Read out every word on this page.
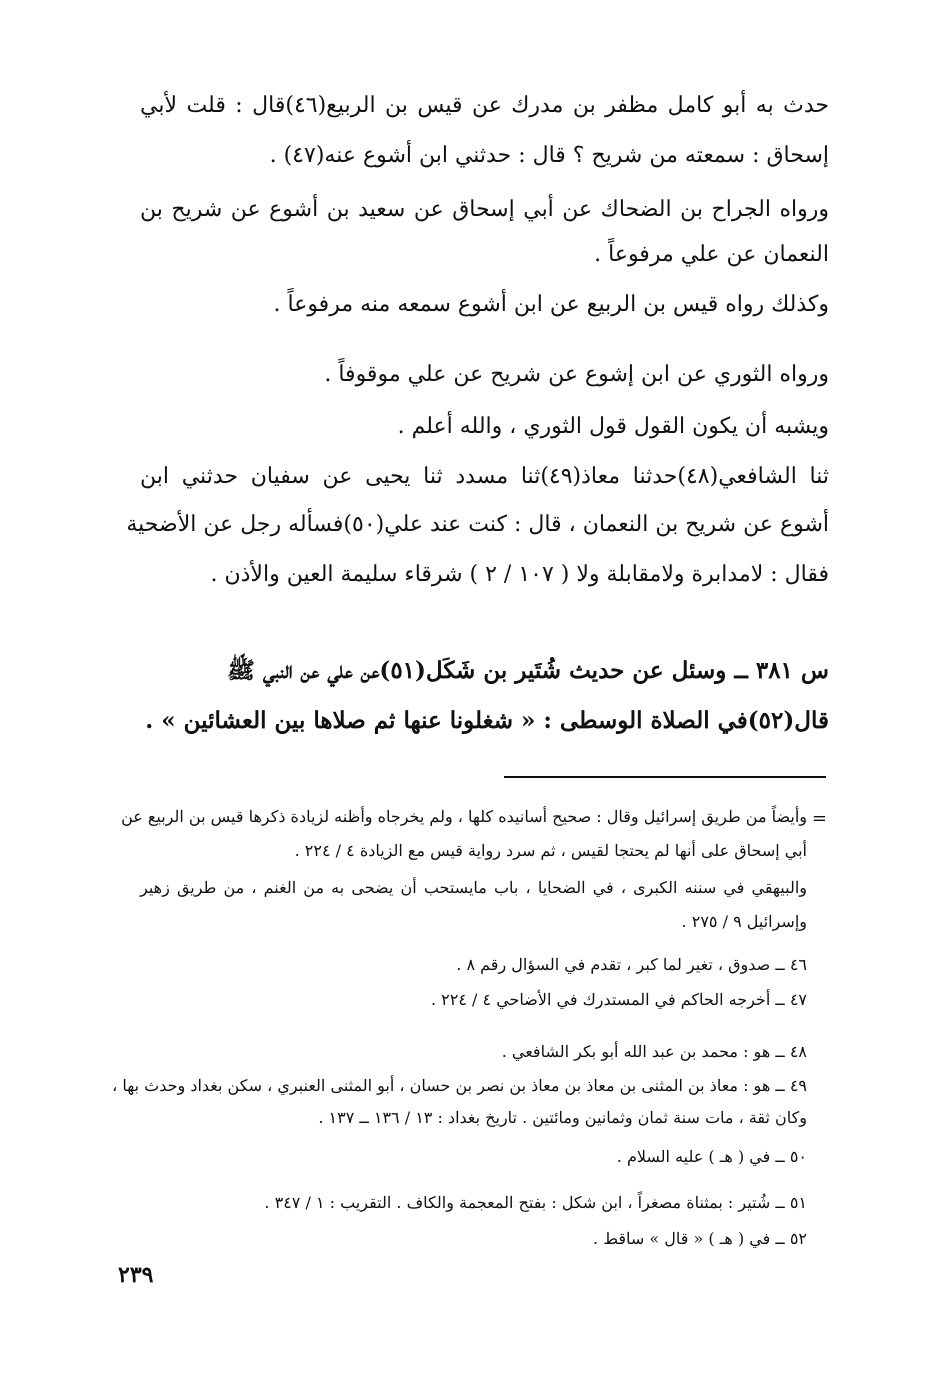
حدث به أبو كامل مظفر بن مدرك عن قيس بن الربيع(٤٦)قال : قلت لأبي
إسحاق : سمعته من شريح ؟ قال : حدثني ابن أشوع عنه(٤٧) .
ورواه الجراح بن الضحاك عن أبي إسحاق عن سعيد بن أشوع عن شريح بن
النعمان عن علي مرفوعاً .
وكذلك رواه قيس بن الربيع عن ابن أشوع سمعه منه مرفوعاً .
ورواه الثوري عن ابن إشوع عن شريح عن علي موقوفاً .
ويشبه أن يكون القول قول الثوري ، والله أعلم .
ثنا الشافعي(٤٨)حدثنا معاذ(٤٩)ثنا مسدد ثنا يحيى عن سفيان حدثني ابن
أشوع عن شريح بن النعمان ، قال : كنت عند علي(٥٠)فسأله رجل عن الأضحية
فقال : لامدابرة ولامقابلة ولا ( ١٠٧ / ٢ ) شرقاء سليمة العين والأذن .
س ٣٨١ ــ وسئل عن حديث شُتَير بن شَكَل(٥١)عن علي عن النبي ﷺ
قال(٥٢)في الصلاة الوسطى : « شغلونا عنها ثم صلاها بين العشائين » .
=
وأيضاً من طريق إسرائيل وقال : صحيح أسانيده كلها ، ولم يخرجاه وأظنه لزيادة ذكرها قيس بن الربيع عن
أبي إسحاق على أنها لم يحتجا لقيس ، ثم سرد رواية قيس مع الزيادة ٤ / ٢٢٤ .
والبيهقي في سننه الكبرى ، في الضحايا ، باب مايستحب أن يضحى به من الغنم ، من طريق زهير
وإسرائيل ٩ / ٢٧٥ .
٤٦ ــ صدوق ، تغير لما كبر ، تقدم في السؤال رقم ٨ .
٤٧ ــ أخرجه الحاكم في المستدرك في الأضاحي ٤ / ٢٢٤ .
٤٨ ــ هو : محمد بن عبد الله أبو بكر الشافعي .
٤٩ ــ هو : معاذ بن المثنى بن معاذ بن معاذ بن نصر بن حسان ، أبو المثنى العنبري ، سكن بغداد وحدث بها ،
وكان ثقة ، مات سنة ثمان وثمانين ومائتين . تاريخ بغداد : ١٣ / ١٣٦ ــ ١٣٧ .
٥٠ ــ في ( هـ ) عليه السلام .
٥١ ــ شُتير : بمثناة مصغراً ، ابن شكل : بفتح المعجمة والكاف . التقريب : ١ / ٣٤٧ .
٥٢ ــ في ( هـ ) « قال » ساقط .
٢٣٩
